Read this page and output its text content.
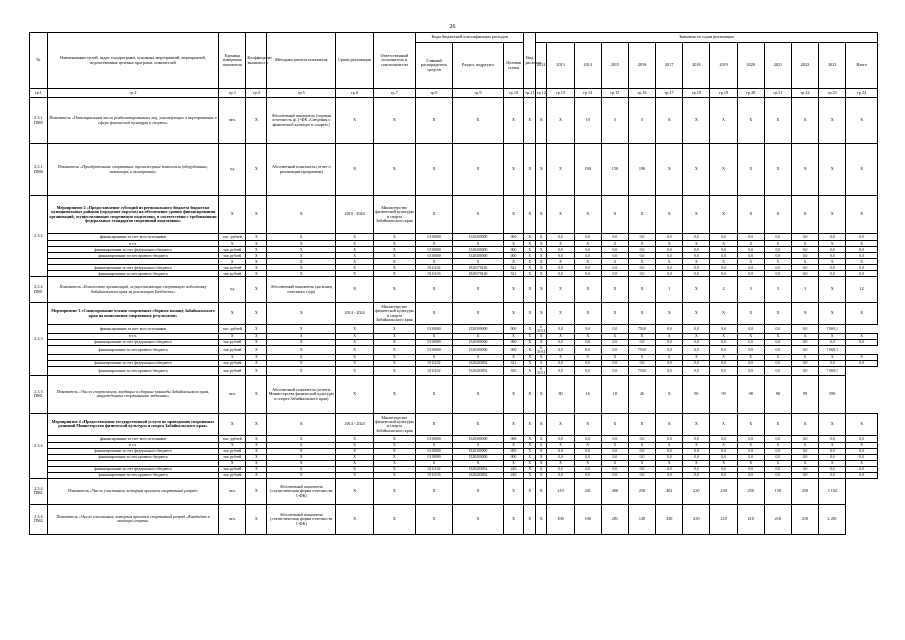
26
№	Наименование целей, задач, подпрограмм, основных мероприятий, мероприятий, ведомственных целевых программ, показателей	Единица измерения показателя	Коэффициент значимости	Методика расчета показателя	Сроки реализации	Ответственный исполнитель и соисполнители	Коды бюджетной классификации расходов			Вид расходов	Значения по годам реализации												
							Главный распорядитель средств	Раздел, подраздел	Целевая статья		2012	2013	2014	2015	2016	2017	2018	2019	2020	2021	2022	2023	Итого
гр.1	гр.2	гр.3	гр.4	гр.5	гр.6	гр.7	гр.8	гр.9	гр.10	гр.11	гр.12	гр.13	гр.14	гр.15	гр.16	гр.17	гр.18	гр.19	гр.20	гр.21	гр.22	гр.23	гр.24
2.3.1 ПМ5	Показатель «Потенциальная число реабилитированных лиц, участвующих в мероприятиях в сфере физической культуры и спорта»	чел.	X	Абсолютный показатель (годовая отчетность ф. 1-ФК «Сведения о физической культуре и спорте»)	X	X	X	X	X	X	X	X	10	5	5	X	X	X	X	X	X	X	X
2.3.1 ПМ6	Показатель «Приобретенные спортивные тренажерные комплексы (оборудование, инвентарь и экипировка)»	ед.	X	Абсолютный показатель (отчет о реализации программы)	X	X	X	X	X	X	X	X	190	150	190	X	X	X	X	X	X	X	X
2.3.2	Мероприятие 2 «Предоставление субсидий из регионального бюджета бюджетам муниципальных районов (городских округов) на обеспечение уровня финансирования организаций, осуществляющих спортивную подготовку, в соответствии с требованиями федеральных стандартов спортивной подготовки»	X	X	X	2019 - 2024	Министерство физической культуры и спорта Забайкальского края	X	X	X	X	X	X	X	X	X	X	X	X	X	X	X	X	X
	финансирование за счет всех источников	тыс. рублей	X	X	X	X	0110000	1520300000	000	X	X	0,0	0,0	0,0	0,0	0,0	0,0	0,0	0,0	0,0	0,0	0,0	0,0
	в т.ч.	X	X	X	X	X	X	X	X	X	X	X	X	X	X	X	X	X	X	X	X	X	X
	финансирование за счет федерального бюджета	тыс.рублей	X	X	X	X	0110000	1520300000	000	X	X	0,0	0,0	0,0	0,0	0,0	0,0	0,0	0,0	0,0	0,0	0,0	0,0
	финансирование за счет краевого бюджета	тыс.рублей	X	X	X	X	0110000	1520300000	000	X	X	0,0	0,0	0,0	0,0	0,0	0,0	0,0	0,0	0,0	0,0	0,0	0,0
		X	X	X	X	X	X	X	X	X	X	X	X	X	X	X	X	X	X	X	X	X	X
	финансирование за счет федерального бюджета	тыс.рублей	X	X	X	X	0111102	1820570140	521	X	X	0,0	0,0	0,0	0,0	0,0	0,0	0,0	0,0	0,0	0,0	0,0	0,0
	финансирование за счет краевого бюджета	тыс.рублей	X	X	X	X	0111103	1820570140	521	X	X	0,0	0,0	0,0	0,0	0,0	0,0	0,0	0,0	0,0	0,0	0,0	0,0
2.3.2 ПМ1	Показатель «Количество организаций, осуществляющих спортивную подготовку Забайкальского края за реализацию Бюджета»	ед.	X	Абсолютный показатель (на конец отчетного года)	X	X	X	X	X	X	X	X	X	X	X	1	X	2	3	3	3	X	12
2.3.3	Мероприятие 3 «Спонсирование членов спортивных сборных команд Забайкальского края на выполнение спортивных результатов»	X	X	X	2014 - 2024	Министерство физической культуры и спорта Забайкальского края	X	X	X	X	X	X	X	X	X	X	X	X	X	X	X	X	X
	финансирование за счет всех источников	тыс. рублей	X	X	X	X	0110000	1520300000	000	X	6 319,1	0,0	0,0	0,0	750,0	0,0	0,0	0,0	0,0	0,0	0,0	7 069,1	
	в т.ч.	X	X	X	X	X	X	X	X	X	X	X	X	X	X	X	X	X	X	X	X	X	X
	финансирование за счет федерального бюджета	тыс.рублей	X	X	X	X	0110000	1520300000	000	X	X	0,0	0,0	0,0	0,0	0,0	0,0	0,0	0,0	0,0	0,0	0,0	0,0
	финансирование за счет краевого бюджета	тыс.рублей	X	X	X	X	0110000	1520300000	000	X	6 319,1	0,0	0,0	0,0	750,0	0,0	0,0	0,0	0,0	0,0	0,0	7 069,1	
		X	X	X	X	X	X	X	X	X	X	X	X	X	X	X	X	X	X	X	X	X	X
	финансирование за счет федерального бюджета	тыс.рублей	X	X	X	X	0111102	1520203052	321	X	X	0,0	0,0	0,0	0,0	0,0	0,0	0,0	0,0	0,0	0,0	0,0	0,0
	финансирование за счет краевого бюджета	тыс.рублей	X	X	X	X	0111102	1520203052	350	X	6 319,1	0,0	0,0	0,0	750,0	0,0	0,0	0,0	0,0	0,0	0,0	7 069,1	
2.3.3 ПМ1	Показатель «Число спортсменов, входящих в сборные команды Забайкальского края, награжденных спортивными медалями»	чел.	X	Абсолютный показатель (отчеты Министерства физической культуры и спорта Забайкальского края)	X	X	X	X	X	X	X	80	16	18	26	X	90	99	98	90	99	599	
2.3.4	Мероприятие 4 «Предоставление государственной услуги по проведению спортивных решений Министерства физической культуры и спорта Забайкальского края»	X	X	X	2014 - 2024	Министерство физической культуры и спорта Забайкальского края	X	X	X	X	X	X	X	X	X	X	X	X	X	X	X	X	X
	финансирование за счет всех источников	тыс. рублей	X	X	X	X	0110000	1520300000	000	X	X	0,0	0,0	0,0	0,0	0,0	0,0	0,0	0,0	0,0	0,0	0,0	0,0
	в т.ч.	X	X	X	X	X	X	X	X	X	X	X	X	X	X	X	X	X	X	X	X	X	X
	финансирование за счет федерального бюджета	тыс.рублей	X	X	X	X	0110000	1520300000	000	X	X	0,0	0,0	0,0	0,0	0,0	0,0	0,0	0,0	0,0	0,0	0,0	0,0
	финансирование за счет краевого бюджета	тыс.рублей	X	X	X	X	0110000	1520300000	000	X	X	0,0	0,0	0,0	0,0	0,0	0,0	0,0	0,0	0,0	0,0	0,0	0,0
		X	X	X	X	X	X	X	X	X	X	X	X	X	X	X	X	X	X	X	X	X	X
	финансирование за счет федерального бюджета	тыс.рублей	X	X	X	X	0111102	1520203052	240	X	X	0,0	0,0	0,0	0,0	0,0	0,0	0,0	0,0	0,0	0,0	0,0	0,0
	финансирование за счет краевого бюджета	тыс.рублей	X	X	X	X	0111103	1520203052	240	X	X	0,0	0,0	0,0	0,0	0,0	0,0	0,0	0,0	0,0	0,0	0,0	0,0
2.3.4 ПМ1	Показатель «Число участников, которым присвоен спортивный разряд»	чел.	X	Абсолютный показатель (статистическая форма отчетности 1-ФК)	X	X	X	X	X	X	X	210	241	400	250	402	230	230	250	150	250	3 102	
2.3.4 ПМ2	Показатель «Число участников, которым присвоен спортивный разряд «Кандидат в мастера спорта»	чел.	X	Абсолютный показатель (статистическая форма отчетности 1-ФК)	X	X	X	X	X	X	X	100	100	281	120	330	230	210	210	210	210	2 281	
